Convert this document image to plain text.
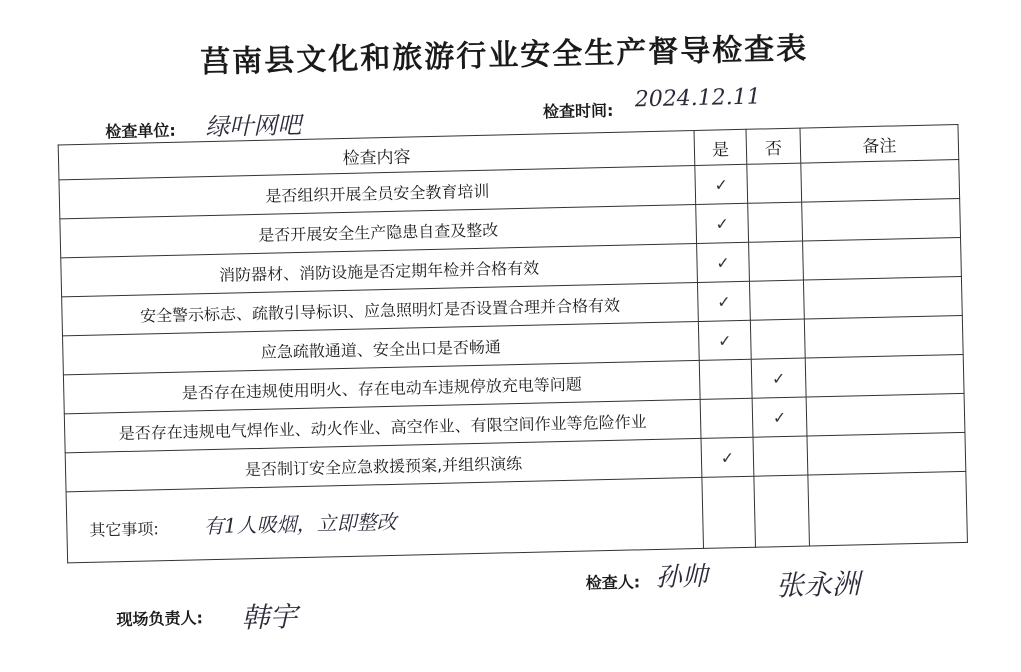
莒南县文化和旅游行业安全生产督导检查表
检查单位: 绿叶网吧	检查时间: 2024.12.11
检查内容	是	否	备注
是否组织开展全员安全教育培训	✓		
是否开展安全生产隐患自查及整改	✓		
消防器材、消防设施是否定期年检并合格有效	✓		
安全警示标志、疏散引导标识、应急照明灯是否设置合理并合格有效	✓		
应急疏散通道、安全出口是否畅通	✓		
是否存在违规使用明火、存在电动车违规停放充电等问题		✓	
是否存在违规电气焊作业、动火作业、高空作业、有限空间作业等危险作业		✓	
是否制订安全应急救援预案,并组织演练	✓		
其它事项: 有1人吸烟，立即整改			
检查人: 孙帅 张永洲
现场负责人: 韩宇
